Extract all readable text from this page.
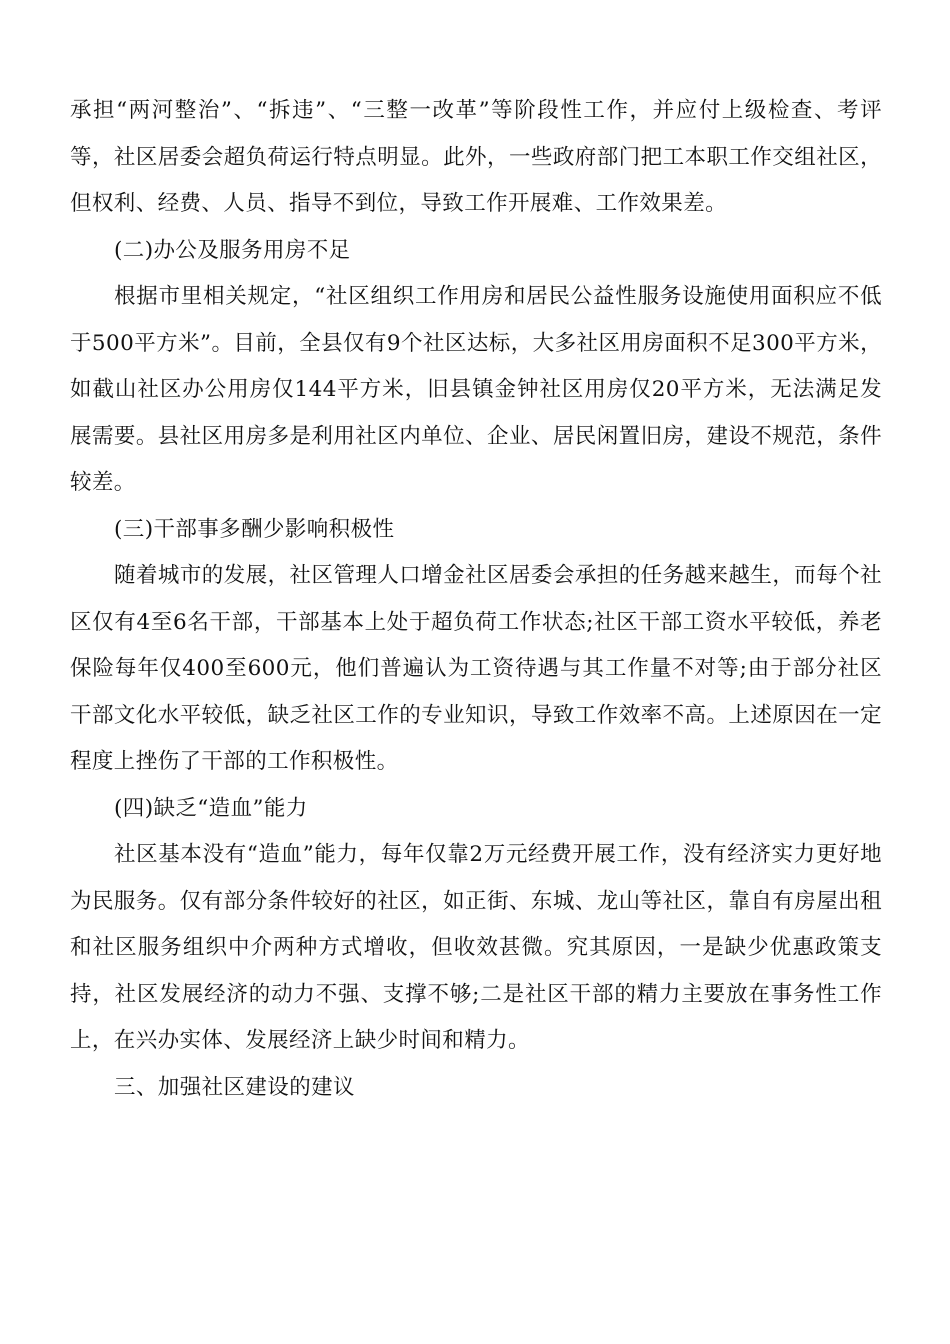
承担“两河整治”、“拆违”、“三整一改革”等阶段性工作，并应付上级检查、考评等，社区居委会超负荷运行特点明显。此外，一些政府部门把工本职工作交组社区，但权利、经费、人员、指导不到位，导致工作开展难、工作效果差。

(二)办公及服务用房不足

根据市里相关规定，“社区组织工作用房和居民公益性服务设施使用面积应不低于500平方米”。目前，全县仅有9个社区达标，大多社区用房面积不足300平方米，如截山社区办公用房仅144平方米，旧县镇金钟社区用房仅20平方米，无法满足发展需要。县社区用房多是利用社区内单位、企业、居民闲置旧房，建设不规范，条件较差。

(三)干部事多酬少影响积极性

随着城市的发展，社区管理人口增金社区居委会承担的任务越来越生，而每个社区仅有4至6名干部，干部基本上处于超负荷工作状态;社区干部工资水平较低，养老保险每年仅400至600元，他们普遍认为工资待遇与其工作量不对等;由于部分社区干部文化水平较低，缺乏社区工作的专业知识，导致工作效率不高。上述原因在一定程度上挫伤了干部的工作积极性。

(四)缺乏“造血”能力

社区基本没有“造血”能力，每年仅靠2万元经费开展工作，没有经济实力更好地为民服务。仅有部分条件较好的社区，如正街、东城、龙山等社区，靠自有房屋出租和社区服务组织中介两种方式增收，但收效甚微。究其原因，一是缺少优惠政策支持，社区发展经济的动力不强、支撑不够;二是社区干部的精力主要放在事务性工作上，在兴办实体、发展经济上缺少时间和精力。

三、加强社区建设的建议
